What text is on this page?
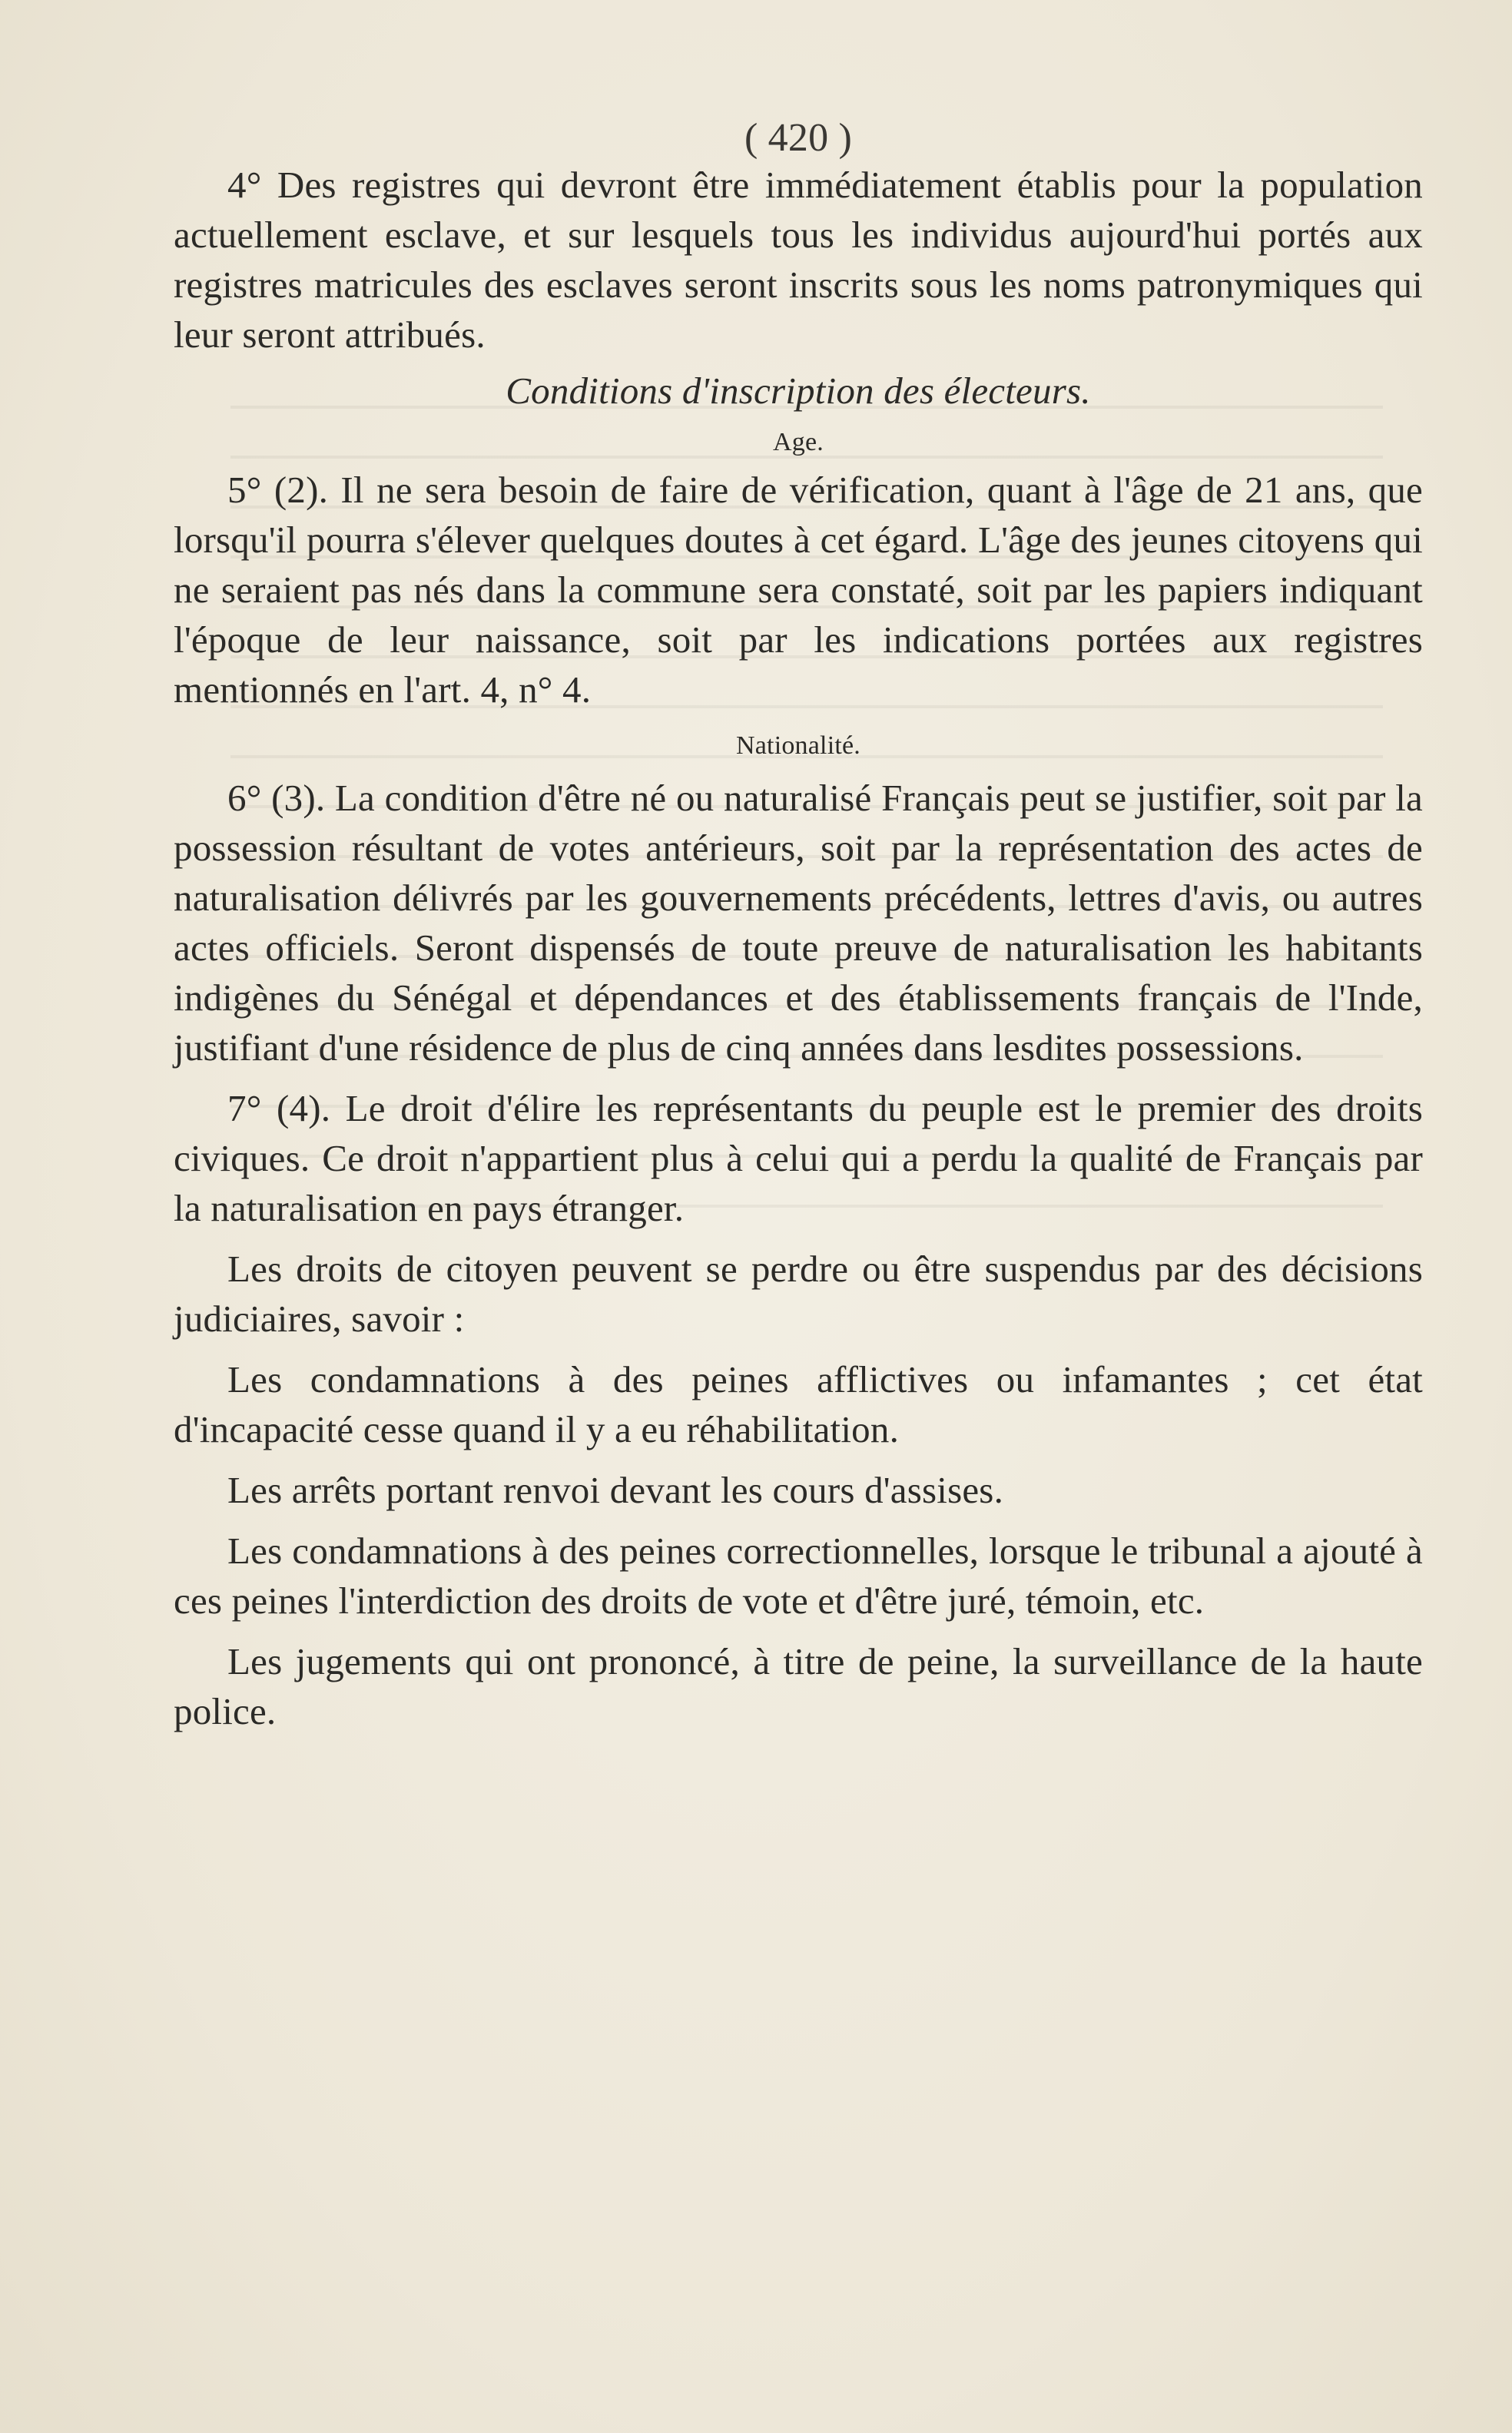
( 420 )

4° Des registres qui devront être immédiatement établis pour la population actuellement esclave, et sur lesquels tous les individus aujourd'hui portés aux registres matricules des esclaves seront inscrits sous les noms patronymiques qui leur seront attribués.

Conditions d'inscription des électeurs.

Age.

5° (2). Il ne sera besoin de faire de vérification, quant à l'âge de 21 ans, que lorsqu'il pourra s'élever quelques doutes à cet égard. L'âge des jeunes citoyens qui ne seraient pas nés dans la commune sera constaté, soit par les papiers indiquant l'époque de leur naissance, soit par les indications portées aux registres mentionnés en l'art. 4, n° 4.

Nationalité.

6° (3). La condition d'être né ou naturalisé Français peut se justifier, soit par la possession résultant de votes antérieurs, soit par la représentation des actes de naturalisation délivrés par les gouvernements précédents, lettres d'avis, ou autres actes officiels. Seront dispensés de toute preuve de naturalisation les habitants indigènes du Sénégal et dépendances et des établissements français de l'Inde, justifiant d'une résidence de plus de cinq années dans lesdites possessions.

7° (4). Le droit d'élire les représentants du peuple est le premier des droits civiques. Ce droit n'appartient plus à celui qui a perdu la qualité de Français par la naturalisation en pays étranger.

Les droits de citoyen peuvent se perdre ou être suspendus par des décisions judiciaires, savoir :

Les condamnations à des peines afflictives ou infamantes ; cet état d'incapacité cesse quand il y a eu réhabilitation.

Les arrêts portant renvoi devant les cours d'assises.

Les condamnations à des peines correctionnelles, lorsque le tribunal a ajouté à ces peines l'interdiction des droits de vote et d'être juré, témoin, etc.

Les jugements qui ont prononcé, à titre de peine, la surveillance de la haute police.
